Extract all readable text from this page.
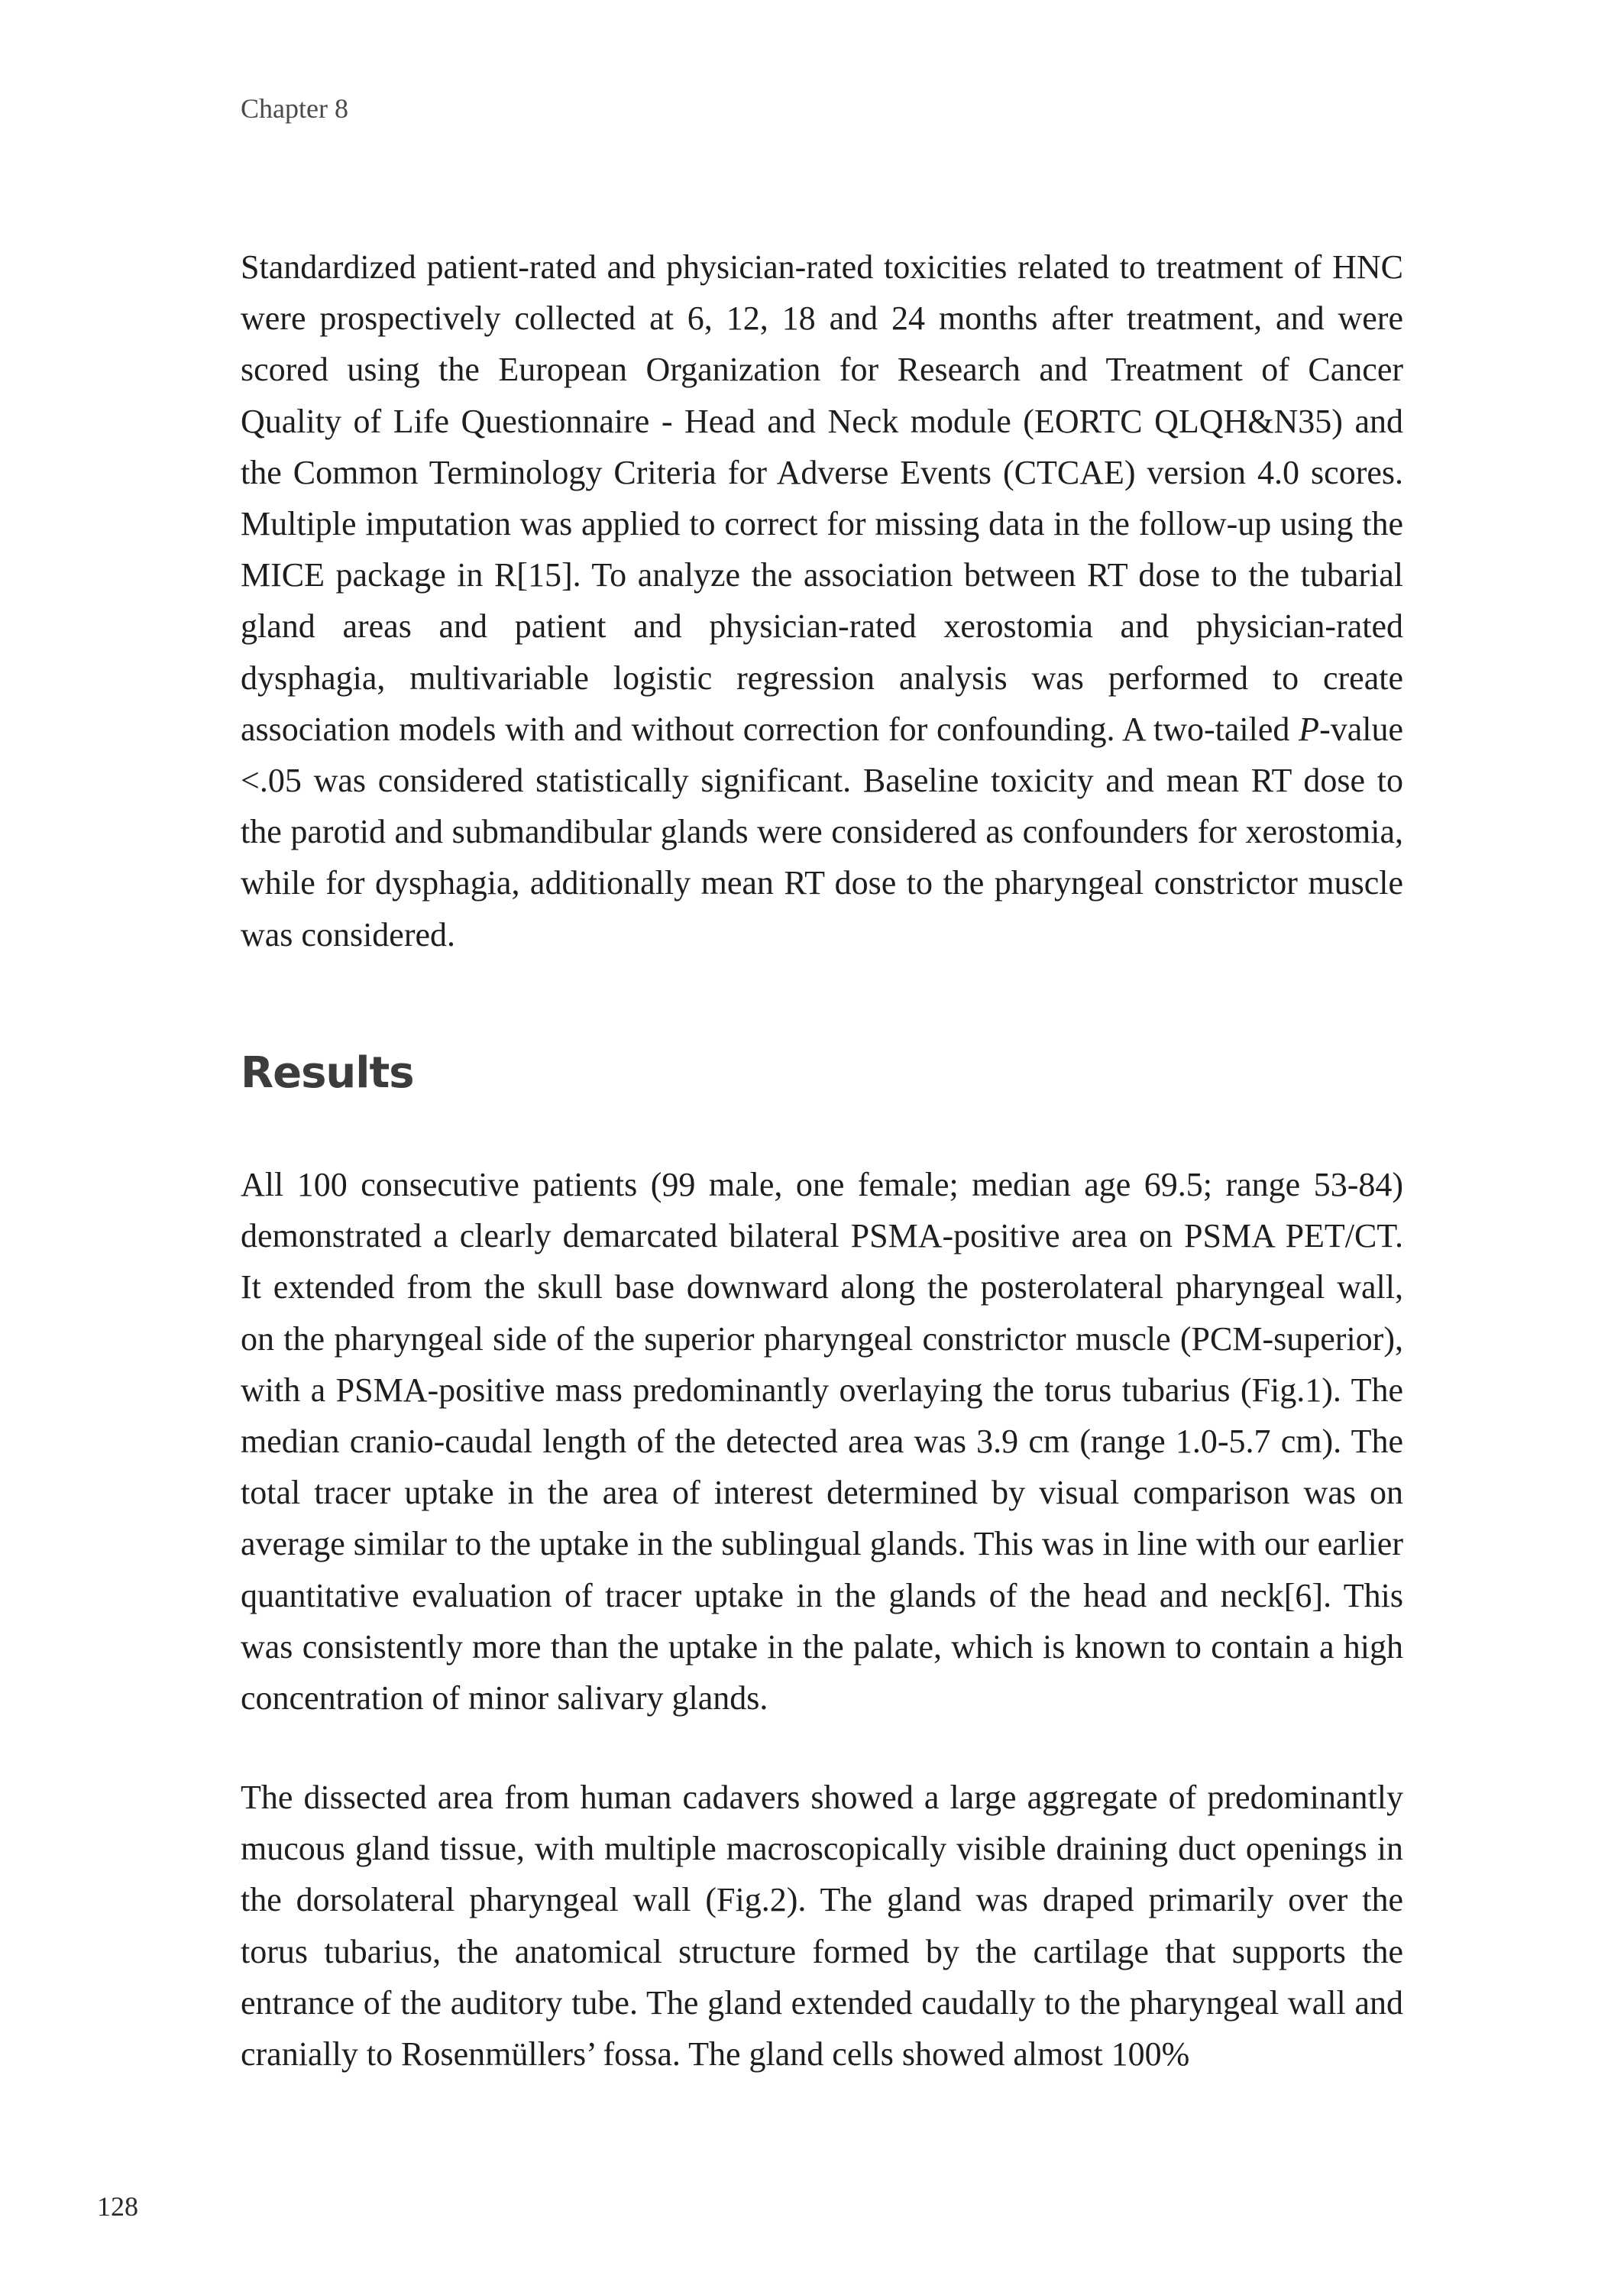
Chapter 8

Standardized patient-rated and physician-rated toxicities related to treatment of HNC were prospectively collected at 6, 12, 18 and 24 months after treatment, and were scored using the European Organization for Research and Treatment of Cancer Quality of Life Questionnaire - Head and Neck module (EORTC QLQH&N35) and the Common Terminology Criteria for Adverse Events (CTCAE) version 4.0 scores. Multiple imputation was applied to correct for missing data in the follow-up using the MICE package in R[15]. To analyze the association between RT dose to the tubarial gland areas and patient and physician-rated xerostomia and physician-rated dysphagia, multivariable logistic regression analysis was performed to create association models with and without correction for confounding. A two-tailed P-value <.05 was considered statistically significant. Baseline toxicity and mean RT dose to the parotid and submandibular glands were considered as confounders for xerostomia, while for dysphagia, additionally mean RT dose to the pharyngeal constrictor muscle was considered.

Results

All 100 consecutive patients (99 male, one female; median age 69.5; range 53-84) demonstrated a clearly demarcated bilateral PSMA-positive area on PSMA PET/CT. It extended from the skull base downward along the posterolateral pharyngeal wall, on the pharyngeal side of the superior pharyngeal constrictor muscle (PCM-superior), with a PSMA-positive mass predominantly overlaying the torus tubarius (Fig.1). The median cranio-caudal length of the detected area was 3.9 cm (range 1.0-5.7 cm). The total tracer uptake in the area of interest determined by visual comparison was on average similar to the uptake in the sublingual glands. This was in line with our earlier quantitative evaluation of tracer uptake in the glands of the head and neck[6]. This was consistently more than the uptake in the palate, which is known to contain a high concentration of minor salivary glands.

The dissected area from human cadavers showed a large aggregate of predominantly mucous gland tissue, with multiple macroscopically visible draining duct openings in the dorsolateral pharyngeal wall (Fig.2). The gland was draped primarily over the torus tubarius, the anatomical structure formed by the cartilage that supports the entrance of the auditory tube. The gland extended caudally to the pharyngeal wall and cranially to Rosenmüllers’ fossa. The gland cells showed almost 100%

128
